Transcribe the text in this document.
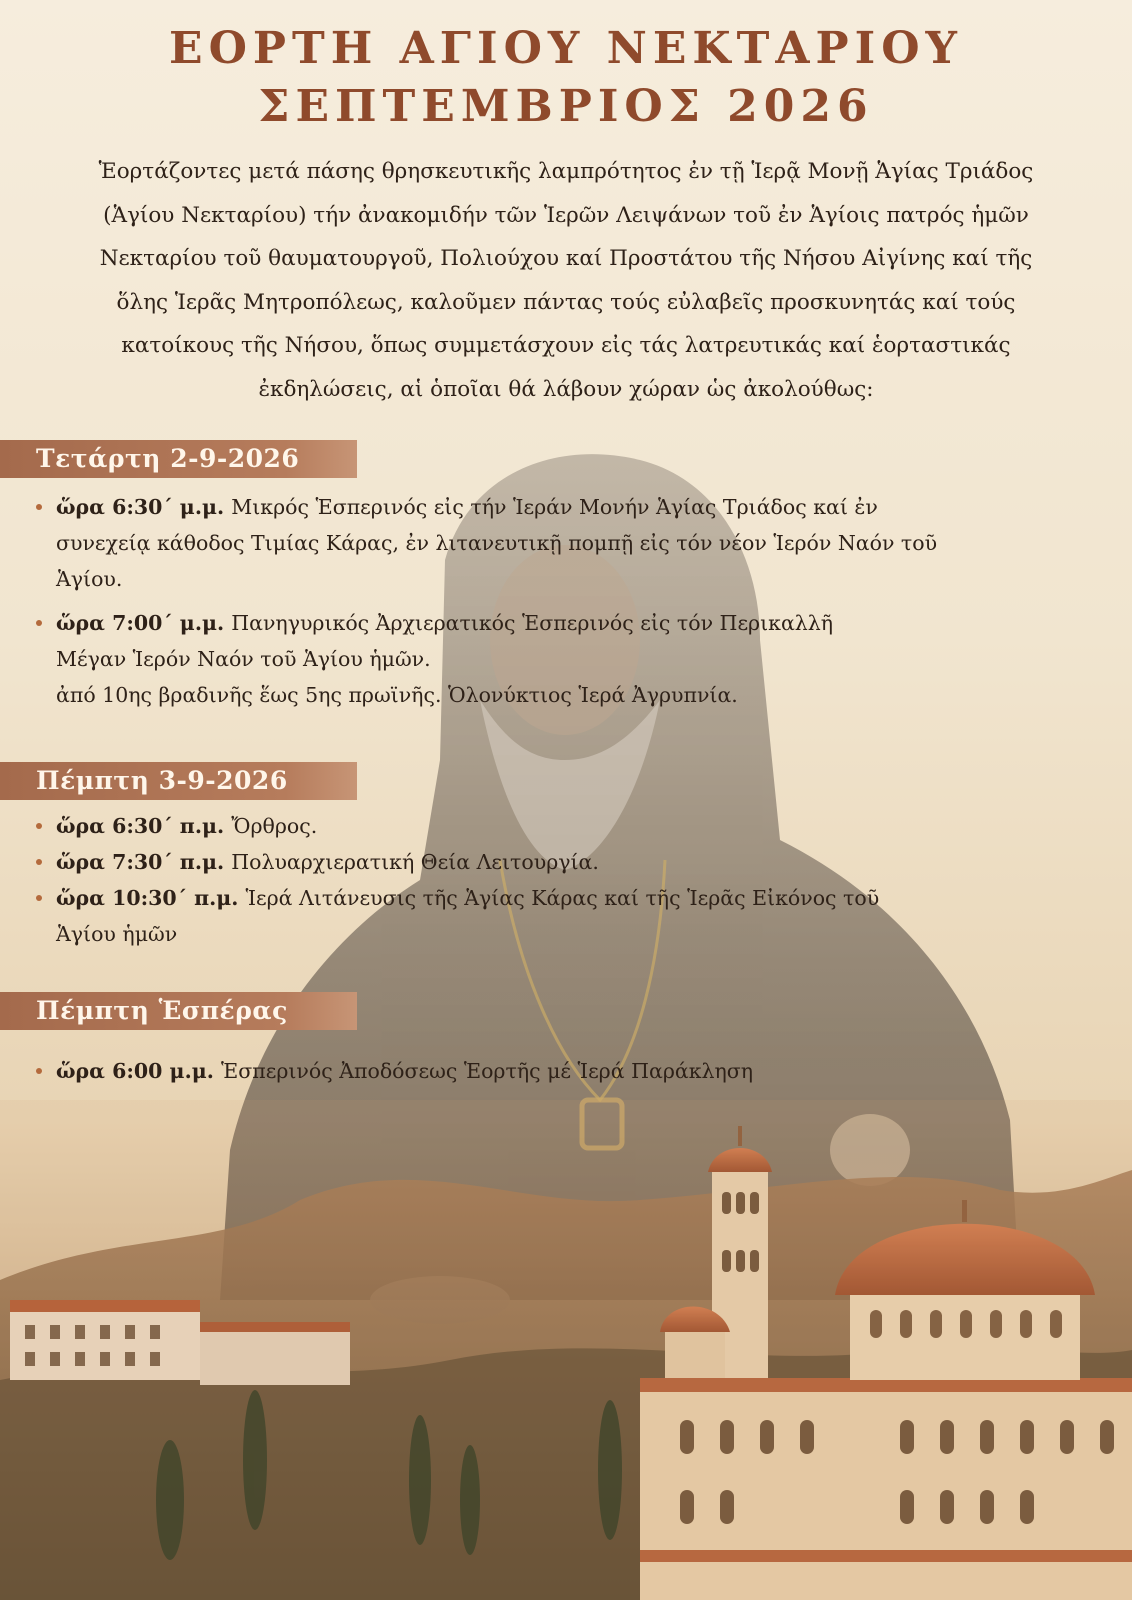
ΕΟΡΤΗ ΑΓΙΟΥ ΝΕΚΤΑΡΙΟΥ
ΣΕΠΤΕΜΒΡΙΟΣ 2026
Ἑορτάζοντες μετά πάσης θρησκευτικῆς λαμπρότητος ἐν τῇ Ἱερᾷ Μονῇ Ἁγίας Τριάδος
(Ἁγίου Νεκταρίου) τήν ἀνακομιδήν τῶν Ἱερῶν Λειψάνων τοῦ ἐν Ἁγίοις πατρός ἡμῶν
Νεκταρίου τοῦ θαυματουργοῦ, Πολιούχου καί Προστάτου τῆς Νήσου Αἰγίνης καί τῆς
ὅλης Ἱερᾶς Μητροπόλεως, καλοῦμεν πάντας τούς εὐλαβεῖς προσκυνητάς καί τούς
κατοίκους τῆς Νήσου, ὅπως συμμετάσχουν εἰς τάς λατρευτικάς καί ἑορταστικάς
ἐκδηλώσεις, αἱ ὁποῖαι θά λάβουν χώραν ὡς ἀκολούθως:
Τετάρτη 2-9-2026
ὥρα 6:30΄ μ.μ. Μικρός Ἑσπερινός εἰς τήν Ἱεράν Μονήν Ἁγίας Τριάδος καί ἐν
συνεχείᾳ κάθοδος Τιμίας Κάρας, ἐν λιτανευτικῇ πομπῇ εἰς τόν νέον Ἱερόν Ναόν τοῦ
Ἁγίου.
ὥρα 7:00΄ μ.μ. Πανηγυρικός Ἀρχιερατικός Ἑσπερινός εἰς τόν Περικαλλῆ
Μέγαν Ἱερόν Ναόν τοῦ Ἁγίου ἡμῶν.
ἀπό 10ης βραδινῆς ἕως 5ης πρωϊνῆς. Ὁλονύκτιος Ἱερά Ἀγρυπνία.
Πέμπτη 3-9-2026
ὥρα 6:30΄ π.μ. Ὄρθρος.
ὥρα 7:30΄ π.μ. Πολυαρχιερατική Θεία Λειτουργία.
ὥρα 10:30΄ π.μ. Ἱερά Λιτάνευσις τῆς Ἁγίας Κάρας καί τῆς Ἱερᾶς Εἰκόνος τοῦ
Ἁγίου ἡμῶν
Πέμπτη Ἑσπέρας
ὥρα 6:00 μ.μ. Ἑσπερινός Ἀποδόσεως Ἑορτῆς μέ Ἱερά Παράκληση
